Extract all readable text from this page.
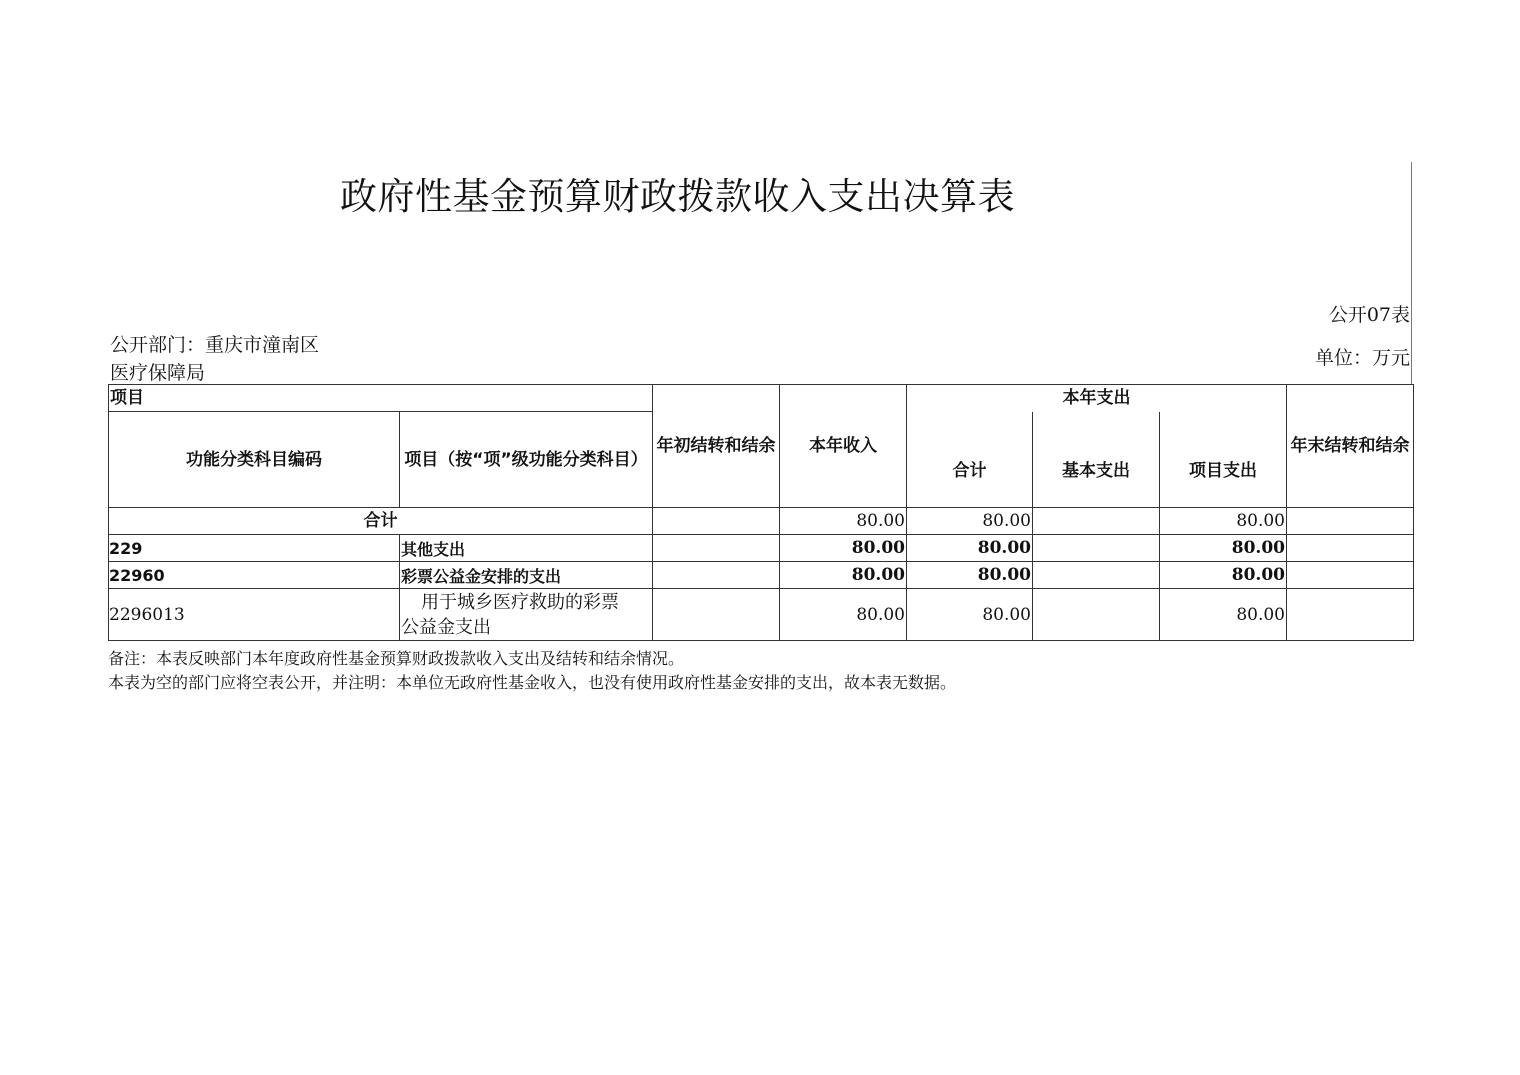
政府性基金预算财政拨款收入支出决算表
公开07表
公开部门：重庆市潼南区
医疗保障局
单位：万元
项目		年初结转和结余	本年收入	本年支出			年末结转和结余
功能分类科目编码	项目（按“项”级功能分类科目）			合计	基本支出	项目支出	
合计			80.00	80.00		80.00	
229	其他支出		80.00	80.00		80.00	
22960	彩票公益金安排的支出		80.00	80.00		80.00	
2296013	用于城乡医疗救助的彩票
公益金支出		80.00	80.00		80.00	
备注：本表反映部门本年度政府性基金预算财政拨款收入支出及结转和结余情况。
本表为空的部门应将空表公开，并注明：本单位无政府性基金收入，也没有使用政府性基金安排的支出，故本表无数据。
